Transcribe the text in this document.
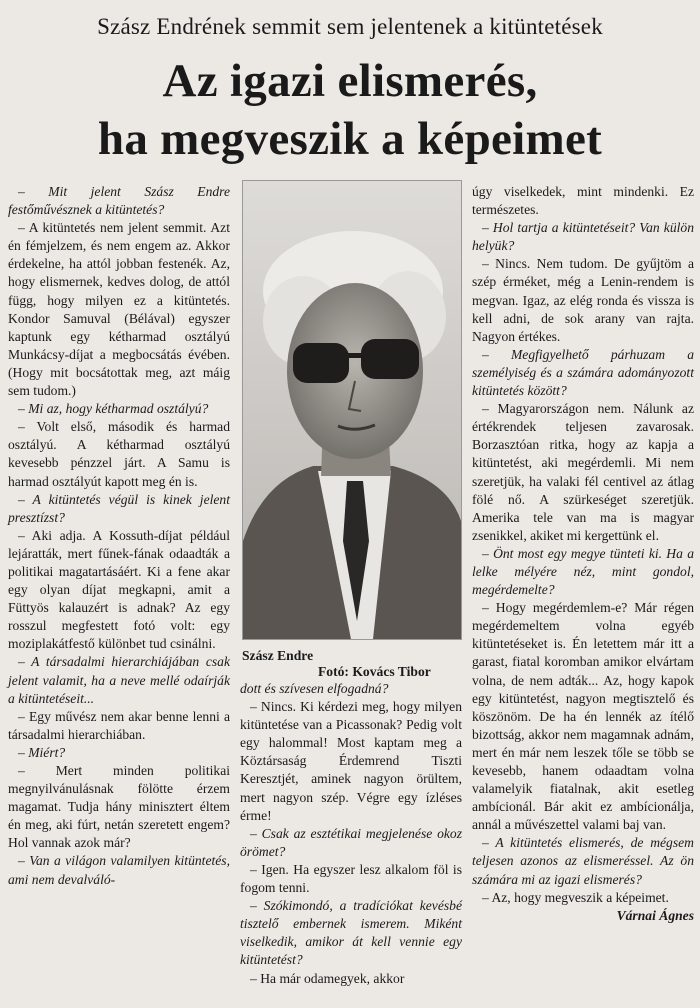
Szász Endrének semmit sem jelentenek a kitüntetések
Az igazi elismerés,
ha megveszik a képeimet

– Mit jelent Szász Endre festőművésznek a kitüntetés?

– A kitüntetés nem jelent semmit. Azt én fémjelzem, és nem engem az. Akkor érdekelne, ha attól jobban festenék. Az, hogy elismernek, kedves dolog, de attól függ, hogy milyen ez a kitüntetés. Kondor Samuval (Bélával) egyszer kaptunk egy kétharmad osztályú Munkácsy-díjat a megbocsátás évében. (Hogy mit bocsátottak meg, azt máig sem tudom.)

– Mi az, hogy kétharmad osztályú?

– Volt első, második és harmad osztályú. A kétharmad osztályú kevesebb pénzzel járt. A Samu is harmad osztályút kapott meg én is.

– A kitüntetés végül is kinek jelent presztízst?

– Aki adja. A Kossuth-díjat például lejáratták, mert fűnek-fának odaadták a politikai magatartásáért. Ki a fene akar egy olyan díjat megkapni, amit a Füttyös kalauzért is adnak? Az egy rosszul megfestett fotó volt: egy moziplakátfestő különbet tud csinálni.

– A társadalmi hierarchiájában csak jelent valamit, ha a neve mellé odaírják a kitüntetéseit...

– Egy művész nem akar benne lenni a társadalmi hierarchiában.

– Miért?

– Mert minden politikai megnyilvánulásnak fölötte érzem magamat. Tudja hány minisztert éltem én meg, aki fúrt, netán szeretett engem? Hol vannak azok már?

– Van a világon valamilyen kitüntetés, ami nem devalváló-

Szász Endre
Fotó: Kovács Tibor

dott és szívesen elfogadná?

– Nincs. Ki kérdezi meg, hogy milyen kitüntetése van a Picassonak? Pedig volt egy halommal! Most kaptam meg a Köztársaság Érdemrend Tiszti Keresztjét, aminek nagyon örültem, mert nagyon szép. Végre egy ízléses érme!

– Csak az esztétikai megjelenése okoz örömet?

– Igen. Ha egyszer lesz alkalom föl is fogom tenni.

– Szókimondó, a tradíciókat kevésbé tisztelő embernek ismerem. Miként viselkedik, amikor át kell vennie egy kitüntetést?

– Ha már odamegyek, akkor

úgy viselkedek, mint mindenki. Ez természetes.

– Hol tartja a kitüntetéseit? Van külön helyük?

– Nincs. Nem tudom. De gyűjtöm a szép érméket, még a Lenin-rendem is megvan. Igaz, az elég ronda és vissza is kell adni, de sok arany van rajta. Nagyon értékes.

– Megfigyelhető párhuzam a személyiség és a számára adományozott kitüntetés között?

– Magyarországon nem. Nálunk az értékrendek teljesen zavarosak. Borzasztóan ritka, hogy az kapja a kitüntetést, aki megérdemli. Mi nem szeretjük, ha valaki fél centivel az átlag fölé nő. A szürkeséget szeretjük. Amerika tele van ma is magyar zsenikkel, akiket mi kergettünk el.

– Önt most egy megye tünteti ki. Ha a lelke mélyére néz, mint gondol, megérdemelte?

– Hogy megérdemlem-e? Már régen megérdemeltem volna egyéb kitüntetéseket is. Én letettem már itt a garast, fiatal koromban amikor elvártam volna, de nem adták... Az, hogy kapok egy kitüntetést, nagyon megtisztelő és köszönöm. De ha én lennék az ítélő bizottság, akkor nem magamnak adnám, mert én már nem leszek tőle se több se kevesebb, hanem odaadtam volna valamelyik fiatalnak, akit esetleg ambícionál. Bár akit ez ambícionálja, annál a művészettel valami baj van.

– A kitüntetés elismerés, de mégsem teljesen azonos az elismeréssel. Az ön számára mi az igazi elismerés?

– Az, hogy megveszik a képeimet.

Várnai Ágnes
